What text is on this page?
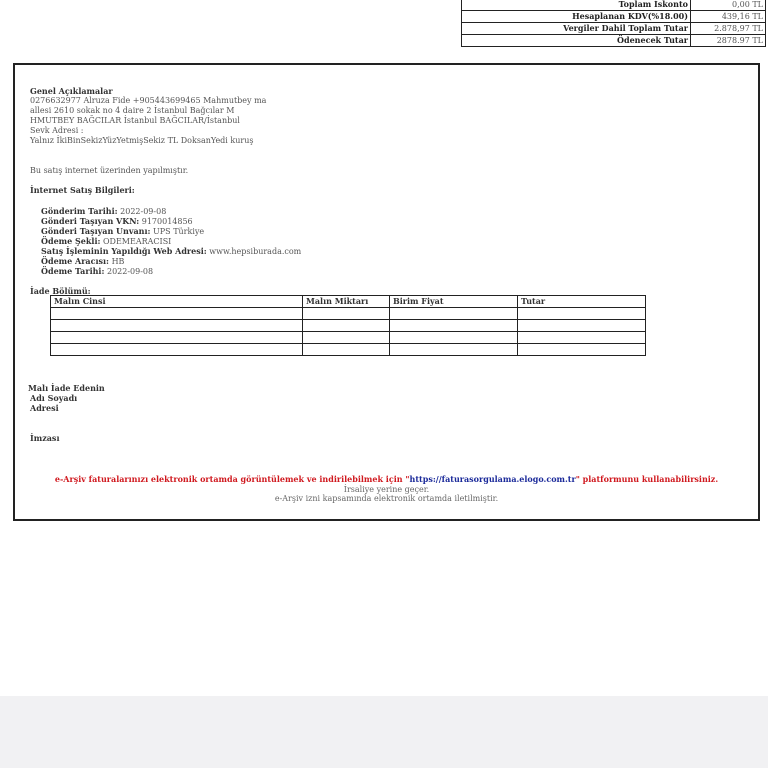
Toplam İskonto	0,00 TL
Hesaplanan KDV(%18.00)	439,16 TL
Vergiler Dahil Toplam Tutar	2.878,97 TL
Ödenecek Tutar	2878.97 TL
Genel Açıklamalar
0276632977 Alruza Fide +905443699465 Mahmutbey ma
allesi 2610 sokak no 4 daire 2 İstanbul Bağcılar M
HMUTBEY BAĞCILAR İstanbul BAĞCILAR/İstanbul
Sevk Adresi :
Yalnız İkiBinSekizYüzYetmişSekiz TL DoksanYedi kuruş
Bu satış internet üzerinden yapılmıştır.
İnternet Satış Bilgileri:
Gönderim Tarihi: 2022-09-08
Gönderi Taşıyan VKN: 9170014856
Gönderi Taşıyan Unvanı: UPS Türkiye
Ödeme Şekli: ODEMEARACISI
Satış İşleminin Yapıldığı Web Adresi: www.hepsiburada.com
Ödeme Aracısı: HB
Ödeme Tarihi: 2022-09-08
İade Bölümü:
Malın Cinsi	Malın Miktarı	Birim Fiyat	Tutar

Malı İade Edenin
Adı Soyadı
Adresi
İmzası
e-Arşiv faturalarınızı elektronik ortamda görüntülemek ve indirilebilmek için "https://faturasorgulama.elogo.com.tr" platformunu kullanabilirsiniz.
İrsaliye yerine geçer.
e-Arşiv izni kapsamında elektronik ortamda iletilmiştir.
